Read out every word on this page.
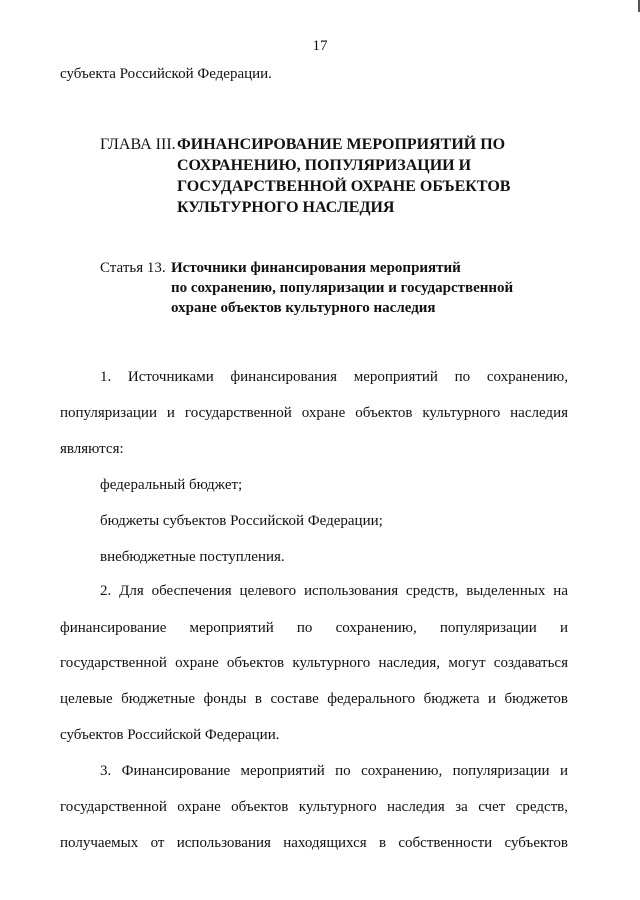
17
субъекта Российской Федерации.
ГЛАВА III. ФИНАНСИРОВАНИЕ МЕРОПРИЯТИЙ ПО
СОХРАНЕНИЮ, ПОПУЛЯРИЗАЦИИ И
ГОСУДАРСТВЕННОЙ ОХРАНЕ ОБЪЕКТОВ
КУЛЬТУРНОГО НАСЛЕДИЯ
Статья 13. Источники финансирования мероприятий
по сохранению, популяризации и государственной
охране объектов культурного наследия
1. Источниками финансирования мероприятий по сохранению,
популяризации и государственной охране объектов культурного наследия
являются:
федеральный бюджет;
бюджеты субъектов Российской Федерации;
внебюджетные поступления.
2. Для обеспечения целевого использования средств, выделенных на
финансирование мероприятий по сохранению, популяризации и
государственной охране объектов культурного наследия, могут создаваться
целевые бюджетные фонды в составе федерального бюджета и бюджетов
субъектов Российской Федерации.
3. Финансирование мероприятий по сохранению, популяризации и
государственной охране объектов культурного наследия за счет средств,
получаемых от использования находящихся в собственности субъектов
